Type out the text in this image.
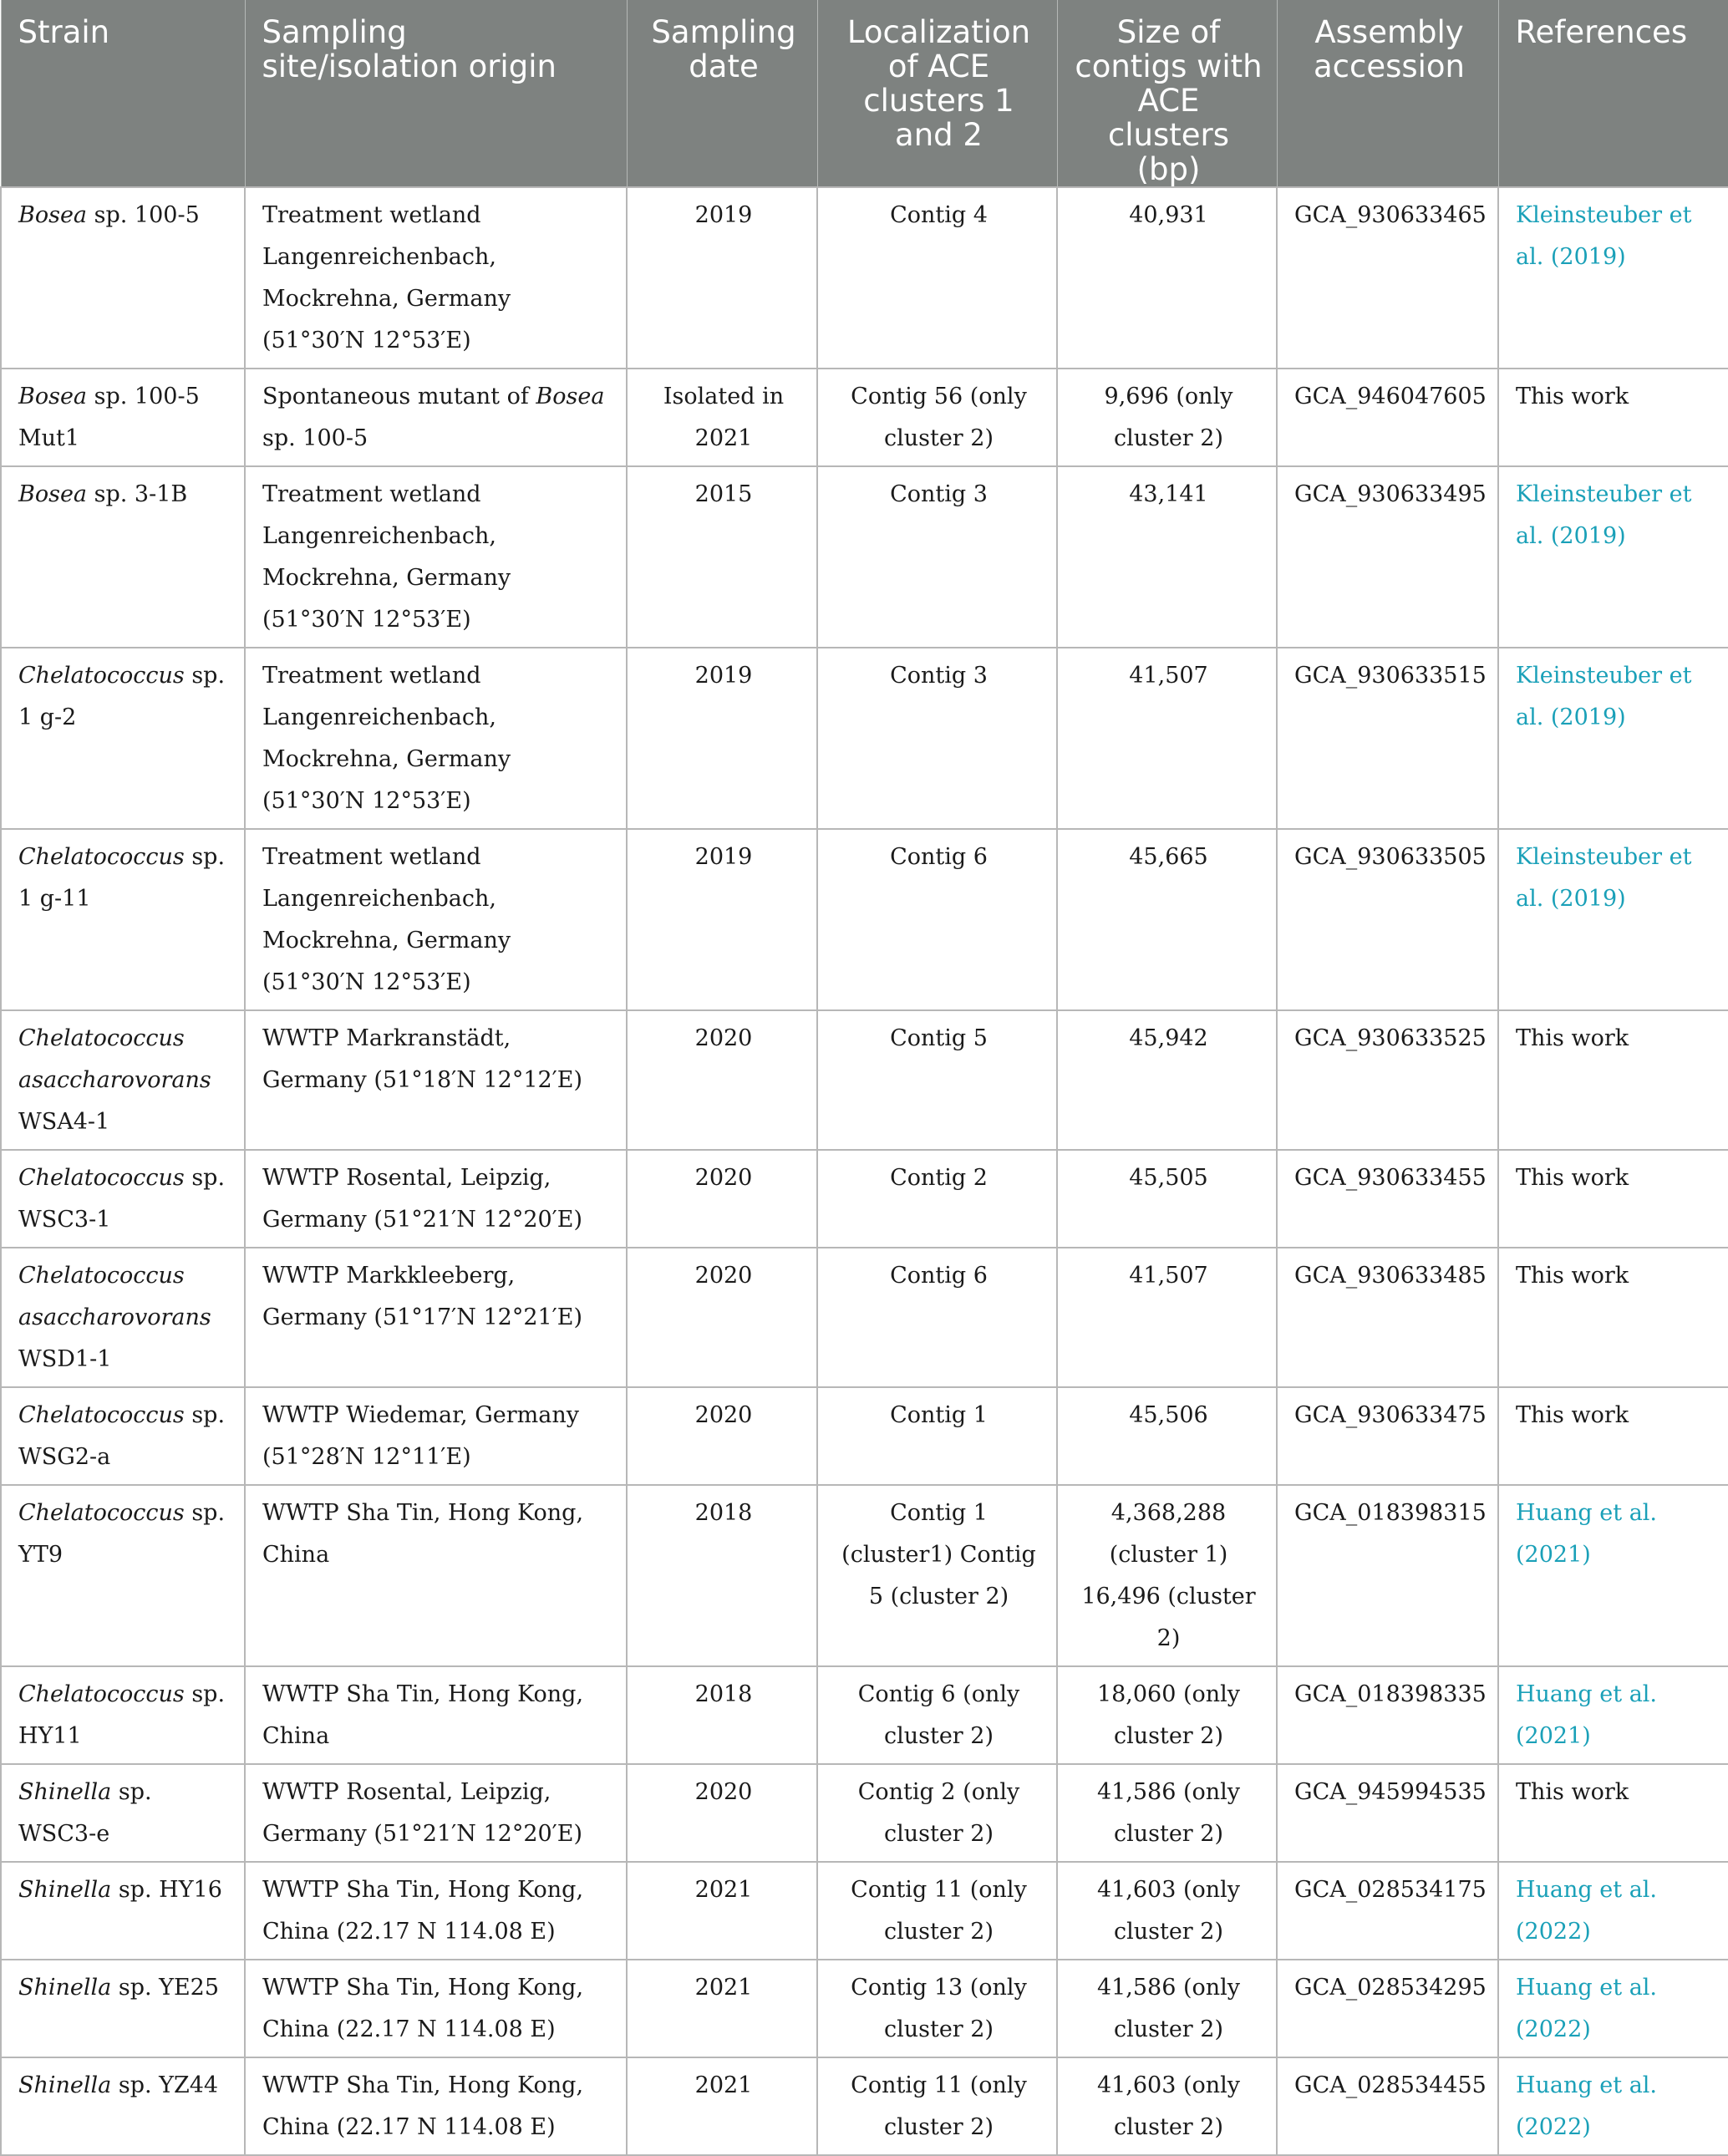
Strain	Sampling site/isolation origin	Sampling date	Localization of ACE clusters 1 and 2	Size of contigs with ACE clusters (bp)	Assembly accession	References
Bosea sp. 100-5	Treatment wetland Langenreichenbach, Mockrehna, Germany (51°30′N 12°53′E)	2019	Contig 4	40,931	GCA_930633465	Kleinsteuber et al. (2019)
Bosea sp. 100-5 Mut1	Spontaneous mutant of Bosea sp. 100-5	Isolated in 2021	Contig 56 (only cluster 2)	9,696 (only cluster 2)	GCA_946047605	This work
Bosea sp. 3-1B	Treatment wetland Langenreichenbach, Mockrehna, Germany (51°30′N 12°53′E)	2015	Contig 3	43,141	GCA_930633495	Kleinsteuber et al. (2019)
Chelatococcus sp. 1 g-2	Treatment wetland Langenreichenbach, Mockrehna, Germany (51°30′N 12°53′E)	2019	Contig 3	41,507	GCA_930633515	Kleinsteuber et al. (2019)
Chelatococcus sp. 1 g-11	Treatment wetland Langenreichenbach, Mockrehna, Germany (51°30′N 12°53′E)	2019	Contig 6	45,665	GCA_930633505	Kleinsteuber et al. (2019)
Chelatococcus asaccharovorans WSA4-1	WWTP Markranstädt, Germany (51°18′N 12°12′E)	2020	Contig 5	45,942	GCA_930633525	This work
Chelatococcus sp. WSC3-1	WWTP Rosental, Leipzig, Germany (51°21′N 12°20′E)	2020	Contig 2	45,505	GCA_930633455	This work
Chelatococcus asaccharovorans WSD1-1	WWTP Markkleeberg, Germany (51°17′N 12°21′E)	2020	Contig 6	41,507	GCA_930633485	This work
Chelatococcus sp. WSG2-a	WWTP Wiedemar, Germany (51°28′N 12°11′E)	2020	Contig 1	45,506	GCA_930633475	This work
Chelatococcus sp. YT9	WWTP Sha Tin, Hong Kong, China	2018	Contig 1 (cluster1) Contig 5 (cluster 2)	4,368,288 (cluster 1) 16,496 (cluster 2)	GCA_018398315	Huang et al. (2021)
Chelatococcus sp. HY11	WWTP Sha Tin, Hong Kong, China	2018	Contig 6 (only cluster 2)	18,060 (only cluster 2)	GCA_018398335	Huang et al. (2021)
Shinella sp. WSC3-e	WWTP Rosental, Leipzig, Germany (51°21′N 12°20′E)	2020	Contig 2 (only cluster 2)	41,586 (only cluster 2)	GCA_945994535	This work
Shinella sp. HY16	WWTP Sha Tin, Hong Kong, China (22.17 N 114.08 E)	2021	Contig 11 (only cluster 2)	41,603 (only cluster 2)	GCA_028534175	Huang et al. (2022)
Shinella sp. YE25	WWTP Sha Tin, Hong Kong, China (22.17 N 114.08 E)	2021	Contig 13 (only cluster 2)	41,586 (only cluster 2)	GCA_028534295	Huang et al. (2022)
Shinella sp. YZ44	WWTP Sha Tin, Hong Kong, China (22.17 N 114.08 E)	2021	Contig 11 (only cluster 2)	41,603 (only cluster 2)	GCA_028534455	Huang et al. (2022)
